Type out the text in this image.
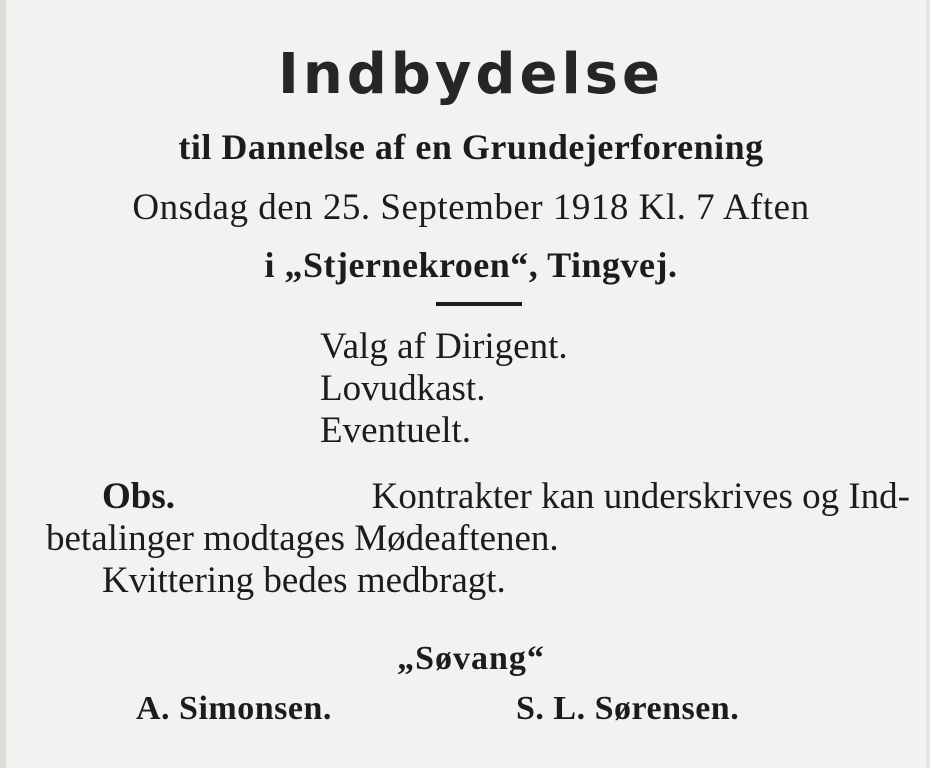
Indbydelse
til Dannelse af en Grundejerforening
Onsdag den 25. September 1918 Kl. 7 Aften
i „Stjernekroen“, Tingvej.
Valg af Dirigent.
Lovudkast.
Eventuelt.
Obs.	Kontrakter kan underskrives og Ind-
betalinger modtages Mødeaftenen.
Kvittering bedes medbragt.
„Søvang“
A. Simonsen.	S. L. Sørensen.
